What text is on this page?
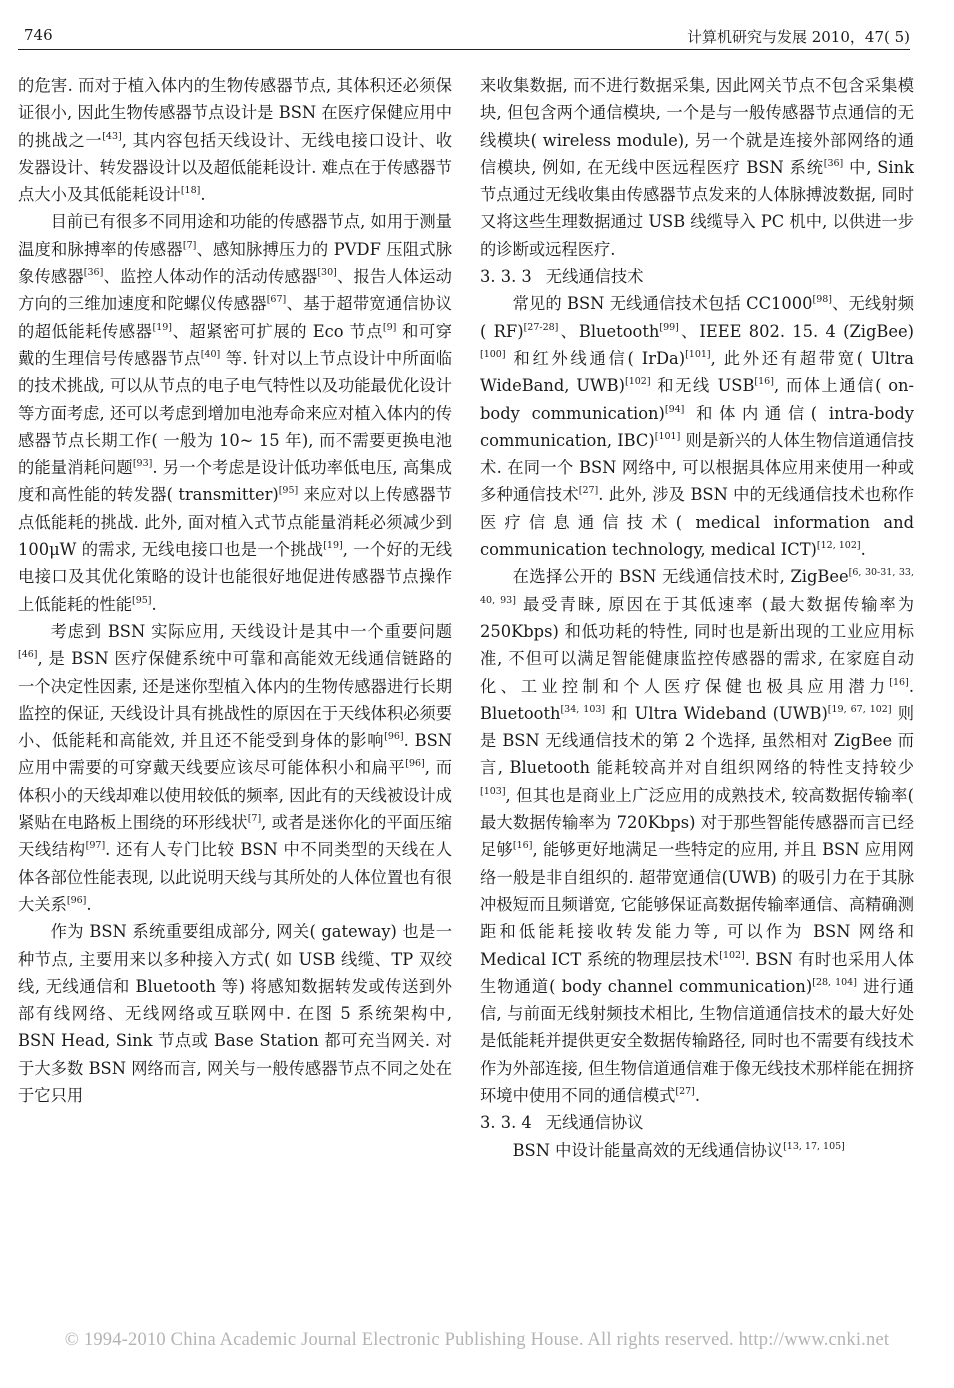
746	计算机研究与发展 2010，47( 5)

的危害. 而对于植入体内的生物传感器节点, 其体积还必须保证很小, 因此生物传感器节点设计是 BSN 在医疗保健应用中的挑战之一[43], 其内容包括天线设计、无线电接口设计、收发器设计、转发器设计以及超低能耗设计. 难点在于传感器节点大小及其低能耗设计[18].

目前已有很多不同用途和功能的传感器节点, 如用于测量温度和脉搏率的传感器[7]、感知脉搏压力的 PVDF 压阻式脉象传感器[36]、监控人体动作的活动传感器[30]、报告人体运动方向的三维加速度和陀螺仪传感器[67]、基于超带宽通信协议的超低能耗传感器[19]、超紧密可扩展的 Eco 节点[9] 和可穿戴的生理信号传感器节点[40] 等. 针对以上节点设计中所面临的技术挑战, 可以从节点的电子电气特性以及功能最优化设计等方面考虑, 还可以考虑到增加电池寿命来应对植入体内的传感器节点长期工作( 一般为 10~ 15 年), 而不需要更换电池的能量消耗问题[93]. 另一个考虑是设计低功率低电压, 高集成度和高性能的转发器( transmitter)[95] 来应对以上传感器节点低能耗的挑战. 此外, 面对植入式节点能量消耗必须减少到 100μW 的需求, 无线电接口也是一个挑战[19], 一个好的无线电接口及其优化策略的设计也能很好地促进传感器节点操作上低能耗的性能[95].

考虑到 BSN 实际应用, 天线设计是其中一个重要问题[46], 是 BSN 医疗保健系统中可靠和高能效无线通信链路的一个决定性因素, 还是迷你型植入体内的生物传感器进行长期监控的保证, 天线设计具有挑战性的原因在于天线体积必须要小、低能耗和高能效, 并且还不能受到身体的影响[96]. BSN 应用中需要的可穿戴天线要应该尽可能体积小和扁平[96], 而体积小的天线却难以使用较低的频率, 因此有的天线被设计成紧贴在电路板上围绕的环形线状[7], 或者是迷你化的平面压缩天线结构[97]. 还有人专门比较 BSN 中不同类型的天线在人体各部位性能表现, 以此说明天线与其所处的人体位置也有很大关系[96].

作为 BSN 系统重要组成部分, 网关( gateway) 也是一种节点, 主要用来以多种接入方式( 如 USB 线缆、TP 双绞线, 无线通信和 Bluetooth 等) 将感知数据转发或传送到外部有线网络、无线网络或互联网中. 在图 5 系统架构中, BSN Head, Sink 节点或 Base Station 都可充当网关. 对于大多数 BSN 网络而言, 网关与一般传感器节点不同之处在于它只用

来收集数据, 而不进行数据采集, 因此网关节点不包含采集模块, 但包含两个通信模块, 一个是与一般传感器节点通信的无线模块( wireless module), 另一个就是连接外部网络的通信模块, 例如, 在无线中医远程医疗 BSN 系统[36] 中, Sink 节点通过无线收集由传感器节点发来的人体脉搏波数据, 同时又将这些生理数据通过 USB 线缆导入 PC 机中, 以供进一步的诊断或远程医疗.

3. 3. 3 无线通信技术

常见的 BSN 无线通信技术包括 CC1000[98]、无线射频( RF)[27-28]、Bluetooth[99]、IEEE 802. 15. 4 (ZigBee)[100] 和红外线通信( IrDa)[101], 此外还有超带宽( Ultra WideBand, UWB)[102] 和无线 USB[16], 而体上通信( on-body communication)[94] 和体内通信( intra-body communication, IBC)[101] 则是新兴的人体生物信道通信技术. 在同一个 BSN 网络中, 可以根据具体应用来使用一种或多种通信技术[27]. 此外, 涉及 BSN 中的无线通信技术也称作医疗信息通信技术( medical information and communication technology, medical ICT)[12, 102].

在选择公开的 BSN 无线通信技术时, ZigBee[6, 30-31, 33, 40, 93] 最受青睐, 原因在于其低速率 (最大数据传输率为 250Kbps) 和低功耗的特性, 同时也是新出现的工业应用标准, 不但可以满足智能健康监控传感器的需求, 在家庭自动化、工业控制和个人医疗保健也极具应用潜力[16]. Bluetooth[34, 103] 和 Ultra Wideband (UWB)[19, 67, 102] 则是 BSN 无线通信技术的第 2 个选择, 虽然相对 ZigBee 而言, Bluetooth 能耗较高并对自组织网络的特性支持较少[103], 但其也是商业上广泛应用的成熟技术, 较高数据传输率( 最大数据传输率为 720Kbps) 对于那些智能传感器而言已经足够[16], 能够更好地满足一些特定的应用, 并且 BSN 应用网络一般是非自组织的. 超带宽通信(UWB) 的吸引力在于其脉冲极短而且频谱宽, 它能够保证高数据传输率通信、高精确测距和低能耗接收转发能力等, 可以作为 BSN 网络和 Medical ICT 系统的物理层技术[102]. BSN 有时也采用人体生物通道( body channel communication)[28, 104] 进行通信, 与前面无线射频技术相比, 生物信道通信技术的最大好处是低能耗并提供更安全数据传输路径, 同时也不需要有线技术作为外部连接, 但生物信道通信难于像无线技术那样能在拥挤环境中使用不同的通信模式[27].

3. 3. 4 无线通信协议

BSN 中设计能量高效的无线通信协议[13, 17, 105]

© 1994-2010 China Academic Journal Electronic Publishing House. All rights reserved. http://www.cnki.net
